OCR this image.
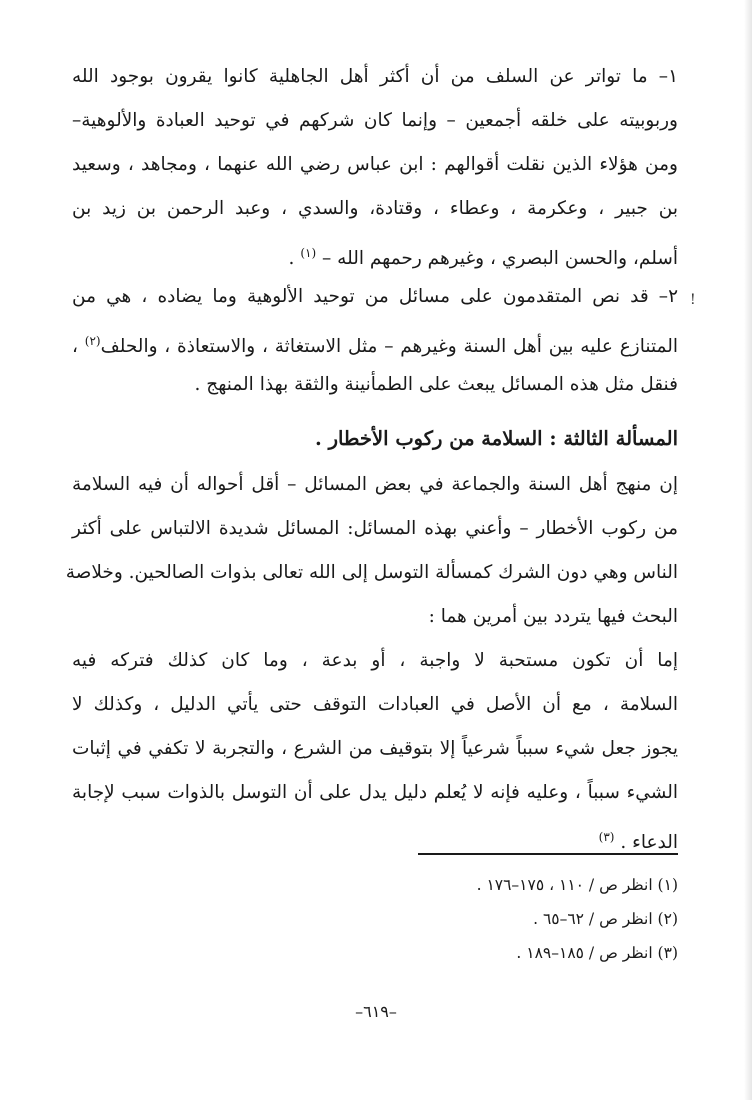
١– ما تواتر عن السلف من أن أكثر أهل الجاهلية كانوا يقرون بوجود الله
وربوبيته على خلقه أجمعين – وإنما كان شركهم في توحيد العبادة والألوهية–
ومن هؤلاء الذين نقلت أقوالهم : ابن عباس رضي الله عنهما ، ومجاهد ، وسعيد
بن جبير ، وعكرمة ، وعطاء ، وقتادة، والسدي ، وعبد الرحمن بن زيد بن
أسلم، والحسن البصري ، وغيرهم رحمهم الله – $^{(١)}$ .
!
٢– قد نص المتقدمون على مسائل من توحيد الألوهية وما يضاده ، هي من
المتنازع عليه بين أهل السنة وغيرهم – مثل الاستغاثة ، والاستعاذة ، والحلف$^{(٢)}$ ،
فنقل مثل هذه المسائل يبعث على الطمأنينة والثقة بهذا المنهج .
المسألة الثالثة : السلامة من ركوب الأخطار .
إن منهج أهل السنة والجماعة في بعض المسائل – أقل أحواله أن فيه السلامة
من ركوب الأخطار – وأعني بهذه المسائل: المسائل شديدة الالتباس على أكثر
الناس وهي دون الشرك كمسألة التوسل إلى الله تعالى بذوات الصالحين. وخلاصة
البحث فيها يتردد بين أمرين هما :
إما أن تكون مستحبة لا واجبة ، أو بدعة ، وما كان كذلك فتركه فيه
السلامة ، مع أن الأصل في العبادات التوقف حتى يأتي الدليل ، وكذلك لا
يجوز جعل شيء سبباً شرعياً إلا بتوقيف من الشرع ، والتجربة لا تكفي في إثبات
الشيء سبباً ، وعليه فإنه لا يُعلم دليل يدل على أن التوسل بالذوات سبب لإجابة
الدعاء . $^{(٣)}$
(١) انظر ص / ١١٠ ، ١٧٥–١٧٦ .
(٢) انظر ص / ٦٢–٦٥ .
(٣) انظر ص / ١٨٥–١٨٩ .
–٦١٩–
